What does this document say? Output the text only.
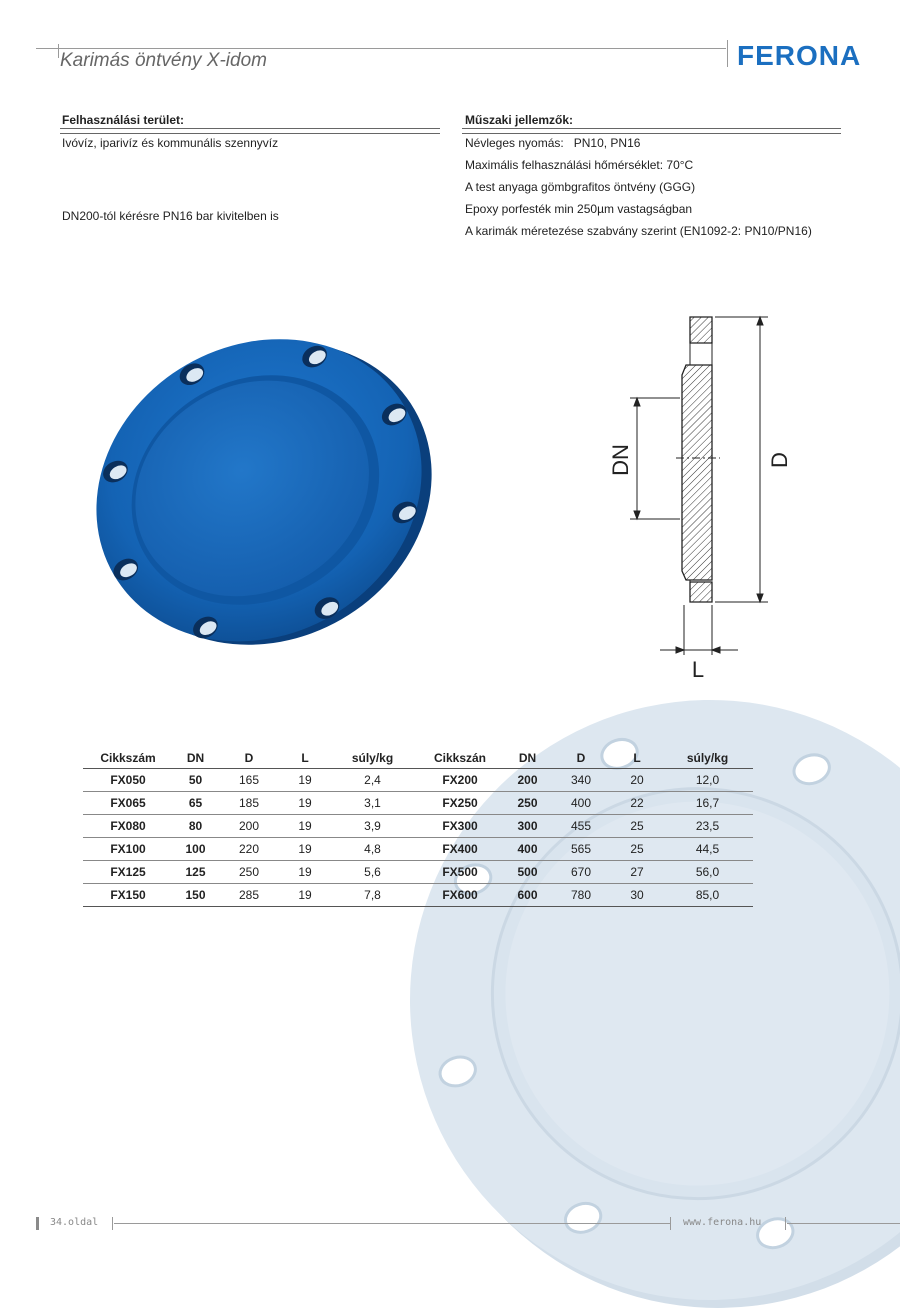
Karimás öntvény X-idom	FERONA
Felhasználási terület:
Ivóvíz, iparivíz és kommunális szennyvíz
DN200-tól kérésre PN16 bar kivitelben is
Műszaki jellemzők:
Névleges nyomás: PN10, PN16
Maximális felhasználási hőmérséklet: 70°C
A test anyaga gömbgrafitos öntvény (GGG)
Epoxy porfesték min 250µm vastagságban
A karimák méretezése szabvány szerint (EN1092-2: PN10/PN16)
DN	D
L
Cikkszám	DN	D	L	súly/kg	Cikkszán	DN	D	L	súly/kg
FX050	50	165	19	2,4	FX200	200	340	20	12,0
FX065	65	185	19	3,1	FX250	250	400	22	16,7
FX080	80	200	19	3,9	FX300	300	455	25	23,5
FX100	100	220	19	4,8	FX400	400	565	25	44,5
FX125	125	250	19	5,6	FX500	500	670	27	56,0
FX150	150	285	19	7,8	FX600	600	780	30	85,0
34.oldal	www.ferona.hu
